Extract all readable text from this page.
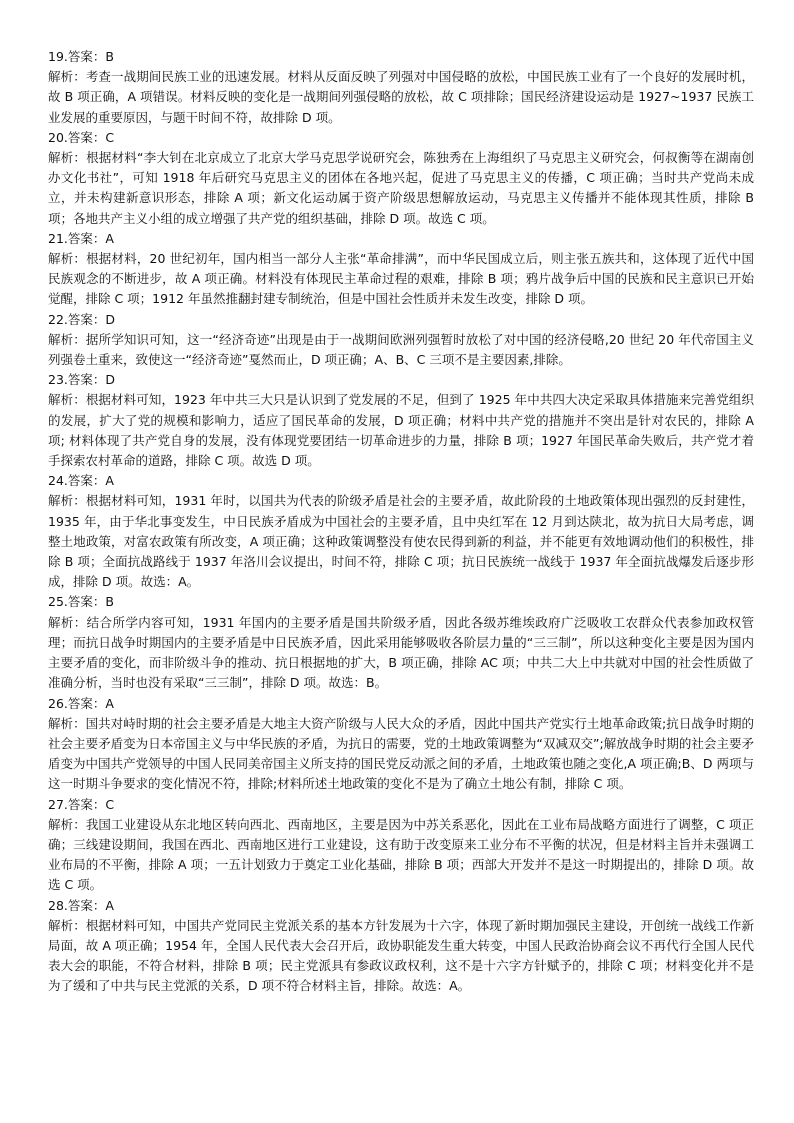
19.答案：B

解析：考查一战期间民族工业的迅速发展。材料从反面反映了列强对中国侵略的放松，中国民族工业有了一个良好的发展时机，故 B 项正确，A 项错误。材料反映的变化是一战期间列强侵略的放松，故 C 项排除；国民经济建设运动是 1927~1937 民族工业发展的重要原因，与题干时间不符，故排除 D 项。

20.答案：C

解析：根据材料“李大钊在北京成立了北京大学马克思学说研究会，陈独秀在上海组织了马克思主义研究会，何叔衡等在湖南创办文化书社”，可知 1918 年后研究马克思主义的团体在各地兴起，促进了马克思主义的传播，C 项正确；当时共产党尚未成立，并未构建新意识形态，排除 A 项；新文化运动属于资产阶级思想解放运动，马克思主义传播并不能体现其性质，排除 B 项；各地共产主义小组的成立增强了共产党的组织基础，排除 D 项。故选 C 项。

21.答案：A

解析：根据材料，20 世纪初年，国内相当一部分人主张“革命排满”，而中华民国成立后，则主张五族共和，这体现了近代中国民族观念的不断进步，故 A 项正确。材料没有体现民主革命过程的艰难，排除 B 项；鸦片战争后中国的民族和民主意识已开始觉醒，排除 C 项；1912 年虽然推翻封建专制统治，但是中国社会性质并未发生改变，排除 D 项。

22.答案：D

解析：据所学知识可知，这一“经济奇迹”出现是由于一战期间欧洲列强暂时放松了对中国的经济侵略,20 世纪 20 年代帝国主义列强卷土重来，致使这一“经济奇迹”戛然而止，D 项正确；A、B、C 三项不是主要因素,排除。

23.答案：D

解析：根据材料可知，1923 年中共三大只是认识到了党发展的不足，但到了 1925 年中共四大决定采取具体措施来完善党组织的发展，扩大了党的规模和影响力，适应了国民革命的发展，D 项正确；材料中共产党的措施并不突出是针对农民的，排除 A 项; 材料体现了共产党自身的发展，没有体现党要团结一切革命进步的力量，排除 B 项；1927 年国民革命失败后，共产党才着手探索农村革命的道路，排除 C 项。故选 D 项。

24.答案：A

解析：根据材料可知，1931 年时，以国共为代表的阶级矛盾是社会的主要矛盾，故此阶段的土地政策体现出强烈的反封建性，1935 年，由于华北事变发生，中日民族矛盾成为中国社会的主要矛盾，且中央红军在 12 月到达陕北，故为抗日大局考虑，调整土地政策，对富农政策有所改变，A 项正确；这种政策调整没有使农民得到新的利益，并不能更有效地调动他们的积极性，排除 B 项；全面抗战路线于 1937 年洛川会议提出，时间不符，排除 C 项；抗日民族统一战线于 1937 年全面抗战爆发后逐步形成，排除 D 项。故选：A。

25.答案：B

解析：结合所学内容可知，1931 年国内的主要矛盾是国共阶级矛盾，因此各级苏维埃政府广泛吸收工农群众代表参加政权管理；而抗日战争时期国内的主要矛盾是中日民族矛盾，因此采用能够吸收各阶层力量的“三三制”，所以这种变化主要是因为国内主要矛盾的变化，而非阶级斗争的推动、抗日根据地的扩大，B 项正确，排除 AC 项；中共二大上中共就对中国的社会性质做了准确分析，当时也没有采取“三三制”，排除 D 项。故选：B。

26.答案：A

解析：国共对峙时期的社会主要矛盾是大地主大资产阶级与人民大众的矛盾，因此中国共产党实行土地革命政策;抗日战争时期的社会主要矛盾变为日本帝国主义与中华民族的矛盾，为抗日的需要，党的土地政策调整为“双减双交”;解放战争时期的社会主要矛盾变为中国共产党领导的中国人民同美帝国主义所支持的国民党反动派之间的矛盾，土地政策也随之变化,A 项正确;B、D 两项与这一时期斗争要求的变化情况不符，排除;材料所述土地政策的变化不是为了确立土地公有制，排除 C 项。

27.答案：C

解析：我国工业建设从东北地区转向西北、西南地区，主要是因为中苏关系恶化，因此在工业布局战略方面进行了调整，C 项正确；三线建设期间，我国在西北、西南地区进行工业建设，这有助于改变原来工业分布不平衡的状况，但是材料主旨并未强调工业布局的不平衡，排除 A 项；一五计划致力于奠定工业化基础，排除 B 项；西部大开发并不是这一时期提出的，排除 D 项。故选 C 项。

28.答案：A

解析：根据材料可知，中国共产党同民主党派关系的基本方针发展为十六字，体现了新时期加强民主建设，开创统一战线工作新局面，故 A 项正确；1954 年，全国人民代表大会召开后，政协职能发生重大转变，中国人民政治协商会议不再代行全国人民代表大会的职能，不符合材料，排除 B 项；民主党派具有参政议政权利，这不是十六字方针赋予的，排除 C 项；材料变化并不是为了缓和了中共与民主党派的关系，D 项不符合材料主旨，排除。故选：A。
